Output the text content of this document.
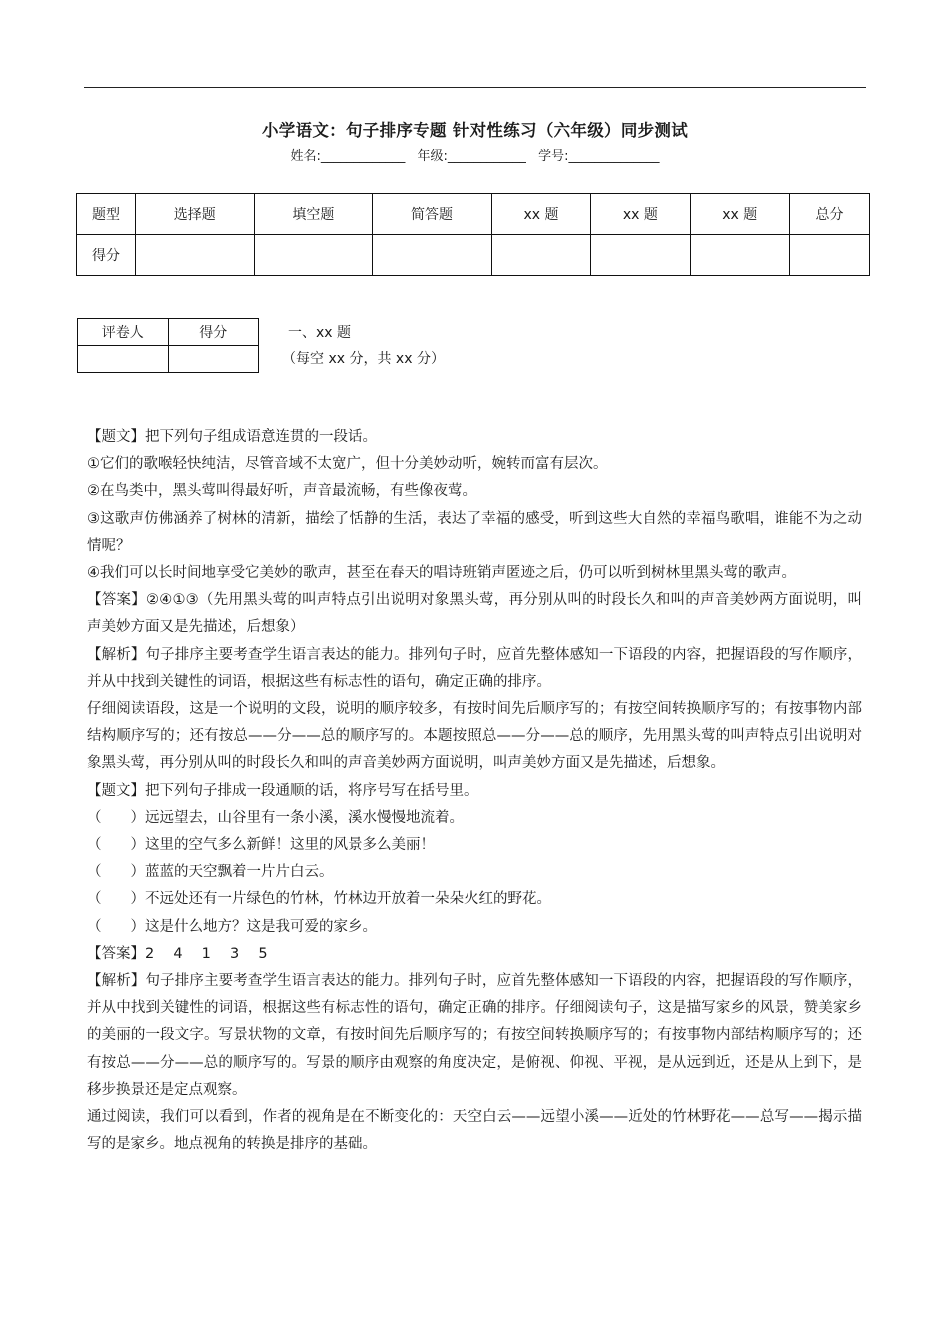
小学语文：句子排序专题 针对性练习（六年级）同步测试
姓名:_____________ 年级:____________ 学号:______________
题型	选择题	填空题	简答题	xx 题	xx 题	xx 题	总分
得分							
评卷人	得分
		一、xx 题
（每空 xx 分，共 xx 分）

【题文】把下列句子组成语意连贯的一段话。

①它们的歌喉轻快纯洁，尽管音域不太宽广，但十分美妙动听，婉转而富有层次。

②在鸟类中，黑头莺叫得最好听，声音最流畅，有些像夜莺。

③这歌声仿佛涵养了树林的清新，描绘了恬静的生活，表达了幸福的感受，听到这些大自然的幸福鸟歌唱，谁能不为之动情呢？

④我们可以长时间地享受它美妙的歌声，甚至在春天的唱诗班销声匿迹之后，仍可以听到树林里黑头莺的歌声。

【答案】②④①③（先用黑头莺的叫声特点引出说明对象黑头莺，再分别从叫的时段长久和叫的声音美妙两方面说明，叫声美妙方面又是先描述，后想象）

【解析】句子排序主要考查学生语言表达的能力。排列句子时，应首先整体感知一下语段的内容，把握语段的写作顺序，并从中找到关键性的词语，根据这些有标志性的语句，确定正确的排序。

仔细阅读语段，这是一个说明的文段，说明的顺序较多，有按时间先后顺序写的；有按空间转换顺序写的；有按事物内部结构顺序写的；还有按总——分——总的顺序写的。本题按照总——分——总的顺序，先用黑头莺的叫声特点引出说明对象黑头莺，再分别从叫的时段长久和叫的声音美妙两方面说明，叫声美妙方面又是先描述，后想象。

【题文】把下列句子排成一段通顺的话，将序号写在括号里。

（　　）远远望去，山谷里有一条小溪，溪水慢慢地流着。

（　　）这里的空气多么新鲜！这里的风景多么美丽！

（　　）蓝蓝的天空飘着一片片白云。

（　　）不远处还有一片绿色的竹林，竹林边开放着一朵朵火红的野花。

（　　）这是什么地方？这是我可爱的家乡。

【答案】2　 4　 1　 3　 5

【解析】句子排序主要考查学生语言表达的能力。排列句子时，应首先整体感知一下语段的内容，把握语段的写作顺序，并从中找到关键性的词语，根据这些有标志性的语句，确定正确的排序。仔细阅读句子，这是描写家乡的风景，赞美家乡的美丽的一段文字。写景状物的文章，有按时间先后顺序写的；有按空间转换顺序写的；有按事物内部结构顺序写的；还有按总——分——总的顺序写的。写景的顺序由观察的角度决定，是俯视、仰视、平视，是从远到近，还是从上到下，是移步换景还是定点观察。

通过阅读，我们可以看到，作者的视角是在不断变化的：天空白云——远望小溪——近处的竹林野花——总写——揭示描写的是家乡。地点视角的转换是排序的基础。
